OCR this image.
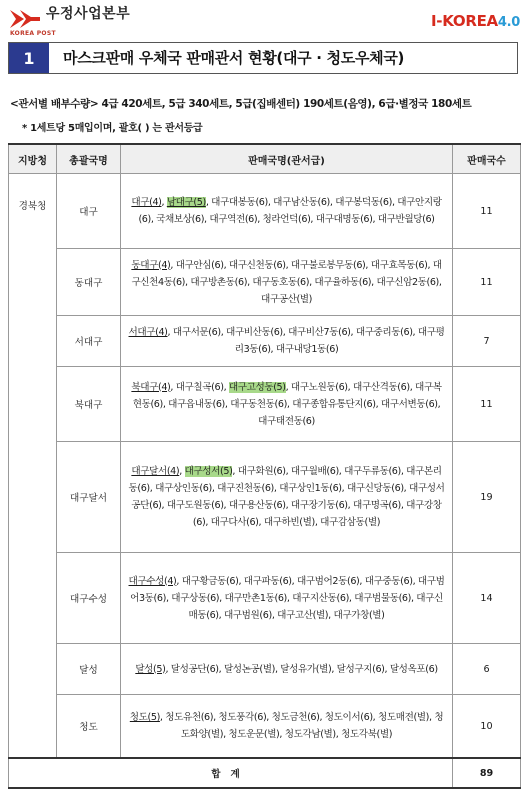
우정사업본부
KOREA POST
I-KOREA4.0
1	마스크판매 우체국 판매관서 현황(대구 · 청도우체국)
<관서별 배부수량> 4급 420세트, 5급 340세트, 5급(집배센터) 190세트(음영), 6급·별정국 180세트
* 1세트당 5매입이며, 괄호( ) 는 관서등급
지방청	총괄국명	판매국명(관서급)	판매국수
경북청	대구	대구(4), 남대구(5), 대구대봉동(6), 대구남산동(6), 대구봉덕동(6), 대구안지랑(6), 국채보상(6), 대구역전(6), 청라언덕(6), 대구대명동(6), 대구반월당(6)	11
	동대구	동대구(4), 대구안심(6), 대구신천동(6), 대구불로봉무동(6), 대구효목동(6), 대구신천4동(6), 대구방촌동(6), 대구동호동(6), 대구율하동(6), 대구신암2동(6), 대구공산(별)	11
	서대구	서대구(4), 대구서문(6), 대구비산동(6), 대구비산7동(6), 대구중리동(6), 대구평리3동(6), 대구내당1동(6)	7
	북대구	북대구(4), 대구칠곡(6), 대구고성동(5), 대구노원동(6), 대구산격동(6), 대구복현동(6), 대구읍내동(6), 대구동천동(6), 대구종합유통단지(6), 대구서변동(6), 대구태전동(6)	11
	대구달서	대구달서(4), 대구성서(5), 대구화원(6), 대구월배(6), 대구두류동(6), 대구본리동(6), 대구상인동(6), 대구진천동(6), 대구상인1동(6), 대구신당동(6), 대구성서공단(6), 대구도원동(6), 대구용산동(6), 대구장기동(6), 대구명곡(6), 대구강창(6), 대구다사(6), 대구하빈(별), 대구감삼동(별)	19
	대구수성	대구수성(4), 대구황금동(6), 대구파동(6), 대구범어2동(6), 대구중동(6), 대구범어3동(6), 대구상동(6), 대구만촌1동(6), 대구지산동(6), 대구범물동(6), 대구신매동(6), 대구범원(6), 대구고산(별), 대구가창(별)	14
	달성	달성(5), 달성공단(6), 달성논공(별), 달성유가(별), 달성구지(6), 달성옥포(6)	6
	청도	청도(5), 청도유천(6), 청도풍각(6), 청도금천(6), 청도이서(6), 청도매전(별), 청도화양(별), 청도운문(별), 청도각남(별), 청도각북(별)	10
합계			89
